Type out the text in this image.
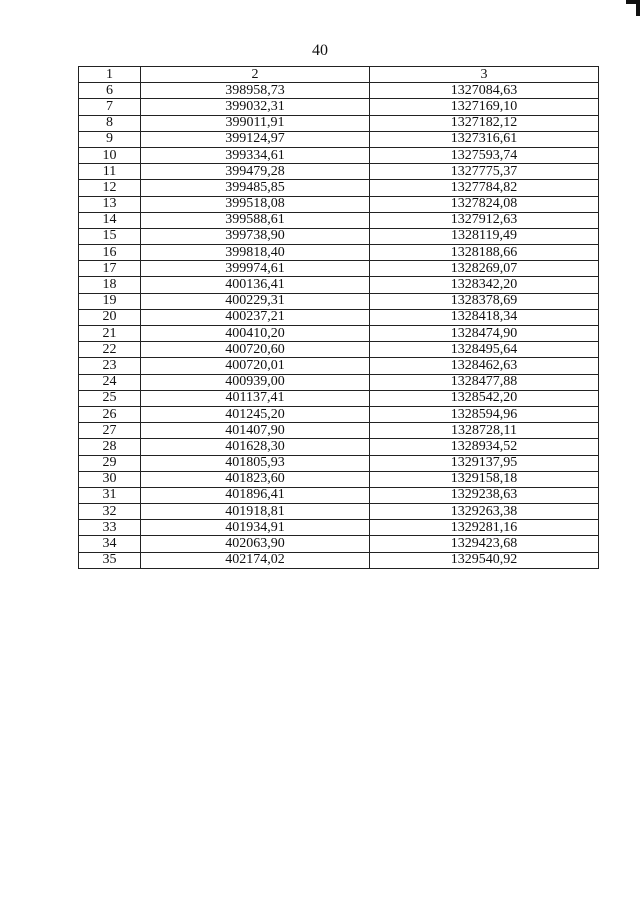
40
1	2	3
6	398958,73	1327084,63
7	399032,31	1327169,10
8	399011,91	1327182,12
9	399124,97	1327316,61
10	399334,61	1327593,74
11	399479,28	1327775,37
12	399485,85	1327784,82
13	399518,08	1327824,08
14	399588,61	1327912,63
15	399738,90	1328119,49
16	399818,40	1328188,66
17	399974,61	1328269,07
18	400136,41	1328342,20
19	400229,31	1328378,69
20	400237,21	1328418,34
21	400410,20	1328474,90
22	400720,60	1328495,64
23	400720,01	1328462,63
24	400939,00	1328477,88
25	401137,41	1328542,20
26	401245,20	1328594,96
27	401407,90	1328728,11
28	401628,30	1328934,52
29	401805,93	1329137,95
30	401823,60	1329158,18
31	401896,41	1329238,63
32	401918,81	1329263,38
33	401934,91	1329281,16
34	402063,90	1329423,68
35	402174,02	1329540,92
